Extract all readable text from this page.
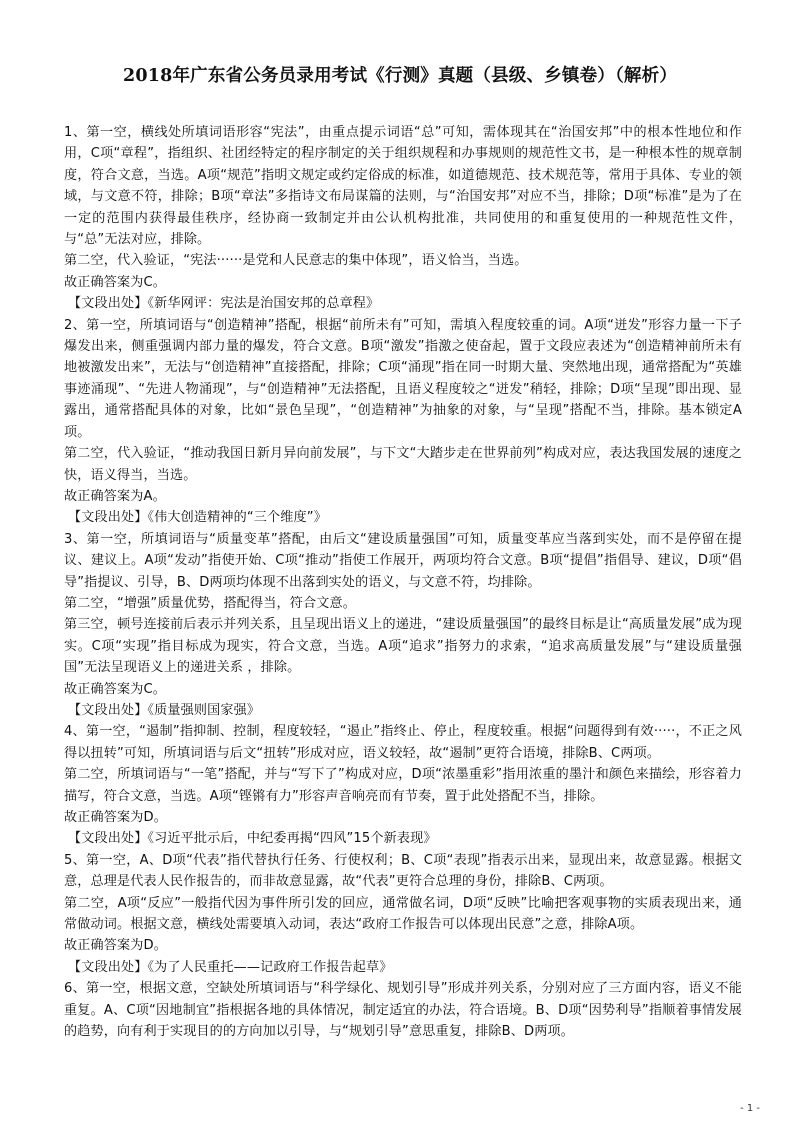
2018年广东省公务员录用考试《行测》真题（县级、乡镇卷）（解析）

1、第一空，横线处所填词语形容“宪法”，由重点提示词语“总”可知，需体现其在“治国安邦”中的根本性地位和作用，C项“章程”，指组织、社团经特定的程序制定的关于组织规程和办事规则的规范性文书，是一种根本性的规章制度，符合文意，当选。A项“规范”指明文规定或约定俗成的标准，如道德规范、技术规范等，常用于具体、专业的领域，与文意不符，排除；B项“章法”多指诗文布局谋篇的法则，与“治国安邦”对应不当，排除；D项“标准”是为了在一定的范围内获得最佳秩序，经协商一致制定并由公认机构批准，共同使用的和重复使用的一种规范性文件，与“总”无法对应，排除。

第二空，代入验证，“宪法······是党和人民意志的集中体现”，语义恰当，当选。

故正确答案为C。

【文段出处】《新华网评：宪法是治国安邦的总章程》

2、第一空，所填词语与“创造精神”搭配，根据“前所未有”可知，需填入程度较重的词。A项“迸发”形容力量一下子爆发出来，侧重强调内部力量的爆发，符合文意。B项“激发”指激之使奋起，置于文段应表述为“创造精神前所未有地被激发出来”，无法与“创造精神”直接搭配，排除；C项“涌现”指在同一时期大量、突然地出现，通常搭配为“英雄事迹涌现”、“先进人物涌现”，与“创造精神”无法搭配，且语义程度较之“迸发”稍轻，排除；D项“呈现”即出现、显露出，通常搭配具体的对象，比如“景色呈现”，“创造精神”为抽象的对象，与“呈现”搭配不当，排除。基本锁定A项。

第二空，代入验证，“推动我国日新月异向前发展”，与下文“大踏步走在世界前列”构成对应，表达我国发展的速度之快，语义得当，当选。

故正确答案为A。

【文段出处】《伟大创造精神的“三个维度”》

3、第一空，所填词语与“质量变革”搭配，由后文“建设质量强国”可知，质量变革应当落到实处，而不是停留在提议、建议上。A项“发动”指使开始、C项“推动”指使工作展开，两项均符合文意。B项“提倡”指倡导、建议，D项“倡导”指提议、引导，B、D两项均体现不出落到实处的语义，与文意不符，均排除。

第二空，“增强”质量优势，搭配得当，符合文意。

第三空，顿号连接前后表示并列关系，且呈现出语义上的递进，“建设质量强国”的最终目标是让“高质量发展”成为现实。C项“实现”指目标成为现实，符合文意，当选。A项“追求”指努力的求索，“追求高质量发展”与“建设质量强国”无法呈现语义上的递进关系 ，排除。

故正确答案为C。

【文段出处】《质量强则国家强》

4、第一空，“遏制”指抑制、控制，程度较轻，“遏止”指终止、停止，程度较重。根据“问题得到有效·····，不正之风得以扭转”可知，所填词语与后文“扭转”形成对应，语义较轻，故“遏制”更符合语境，排除B、C两项。

第二空，所填词语与“一笔”搭配，并与“写下了”构成对应，D项“浓墨重彩”指用浓重的墨汁和颜色来描绘，形容着力描写，符合文意，当选。A项“铿锵有力”形容声音响亮而有节奏，置于此处搭配不当，排除。

故正确答案为D。

【文段出处】《习近平批示后，中纪委再揭“四风”15个新表现》

5、第一空，A、D项“代表”指代替执行任务、行使权利；B、C项“表现”指表示出来，显现出来，故意显露。根据文意，总理是代表人民作报告的，而非故意显露，故“代表”更符合总理的身份，排除B、C两项。

第二空，A项“反应”一般指代因为事件所引发的回应，通常做名词，D项“反映”比喻把客观事物的实质表现出来，通常做动词。根据文意，横线处需要填入动词，表达“政府工作报告可以体现出民意”之意，排除A项。

故正确答案为D。

【文段出处】《为了人民重托——记政府工作报告起草》

6、第一空，根据文意，空缺处所填词语与“科学绿化、规划引导”形成并列关系，分别对应了三方面内容，语义不能重复。A、C项“因地制宜”指根据各地的具体情况，制定适宜的办法，符合语境。B、D项“因势利导”指顺着事情发展的趋势，向有利于实现目的的方向加以引导，与“规划引导”意思重复，排除B、D两项。

- 1 -
